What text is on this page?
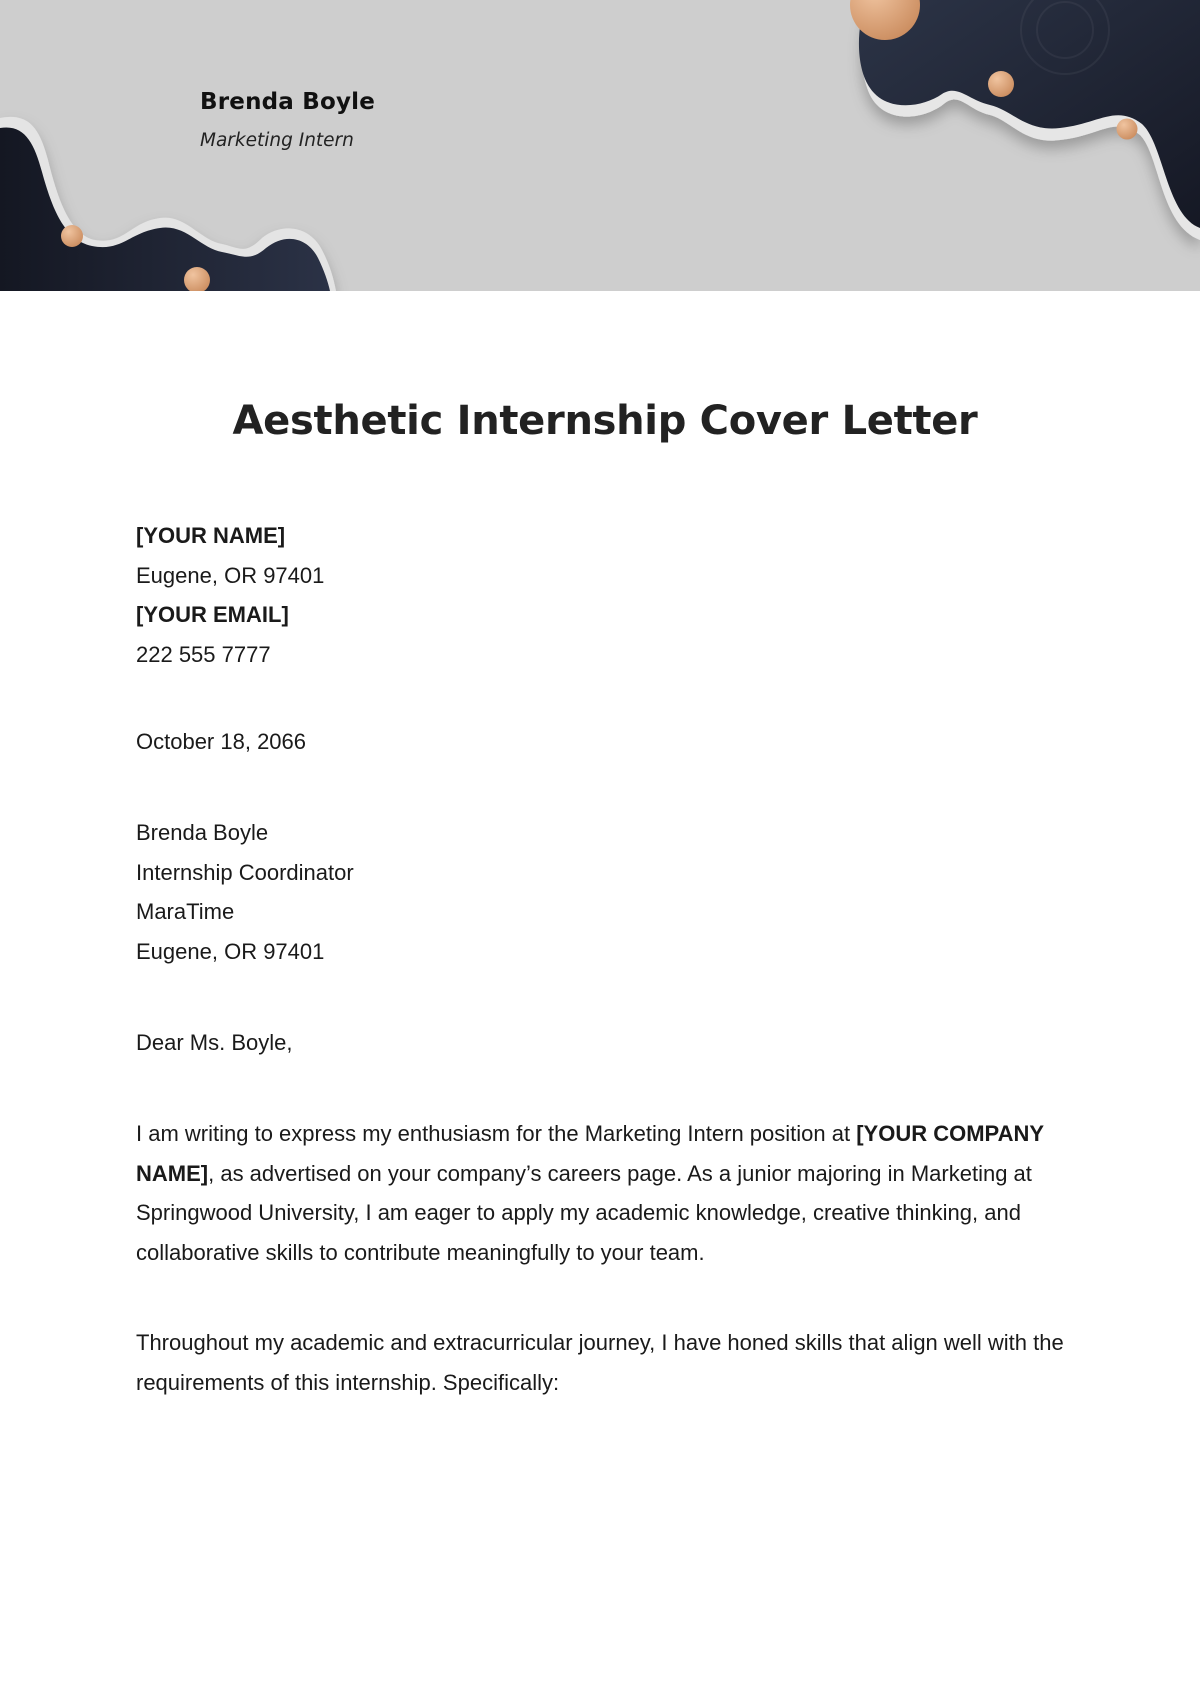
Brenda Boyle
Marketing Intern
Aesthetic Internship Cover Letter
[YOUR NAME]
Eugene, OR 97401
[YOUR EMAIL]
222 555 7777
October 18, 2066
Brenda Boyle
Internship Coordinator
MaraTime
Eugene, OR 97401
Dear Ms. Boyle,
I am writing to express my enthusiasm for the Marketing Intern position at [YOUR COMPANY NAME], as advertised on your company’s careers page. As a junior majoring in Marketing at Springwood University, I am eager to apply my academic knowledge, creative thinking, and collaborative skills to contribute meaningfully to your team.
Throughout my academic and extracurricular journey, I have honed skills that align well with the requirements of this internship. Specifically:
